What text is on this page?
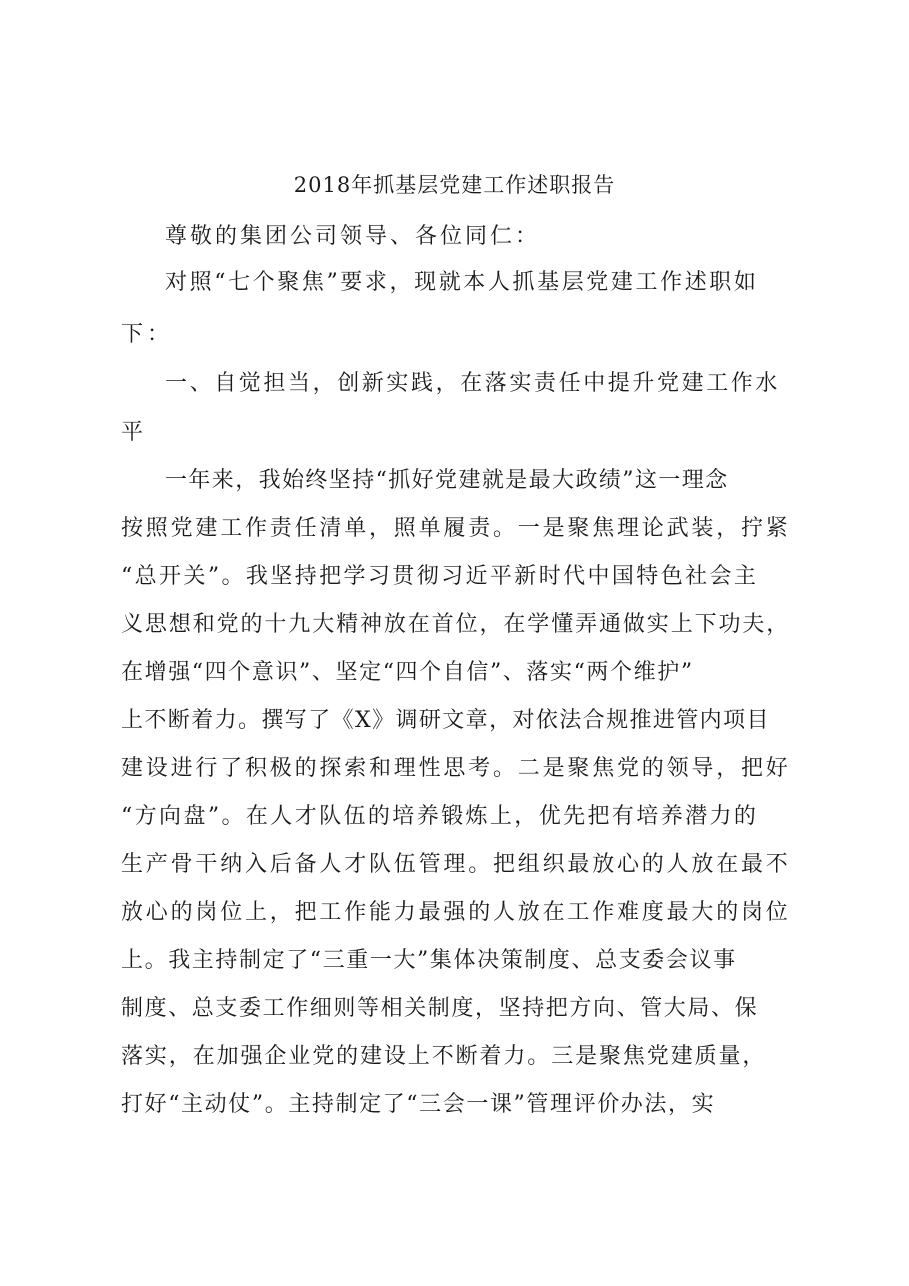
2018年抓基层党建工作述职报告
尊敬的集团公司领导、各位同仁：
对照“七个聚焦”要求，现就本人抓基层党建工作述职如
下：
一、自觉担当，创新实践，在落实责任中提升党建工作水
平
一年来，我始终坚持“抓好党建就是最大政绩”这一理念
按照党建工作责任清单，照单履责。一是聚焦理论武装，拧紧
“总开关”。我坚持把学习贯彻习近平新时代中国特色社会主
义思想和党的十九大精神放在首位，在学懂弄通做实上下功夫，
在增强“四个意识”、坚定“四个自信”、落实“两个维护”
上不断着力。撰写了《X》调研文章，对依法合规推进管内项目
建设进行了积极的探索和理性思考。二是聚焦党的领导，把好
“方向盘”。在人才队伍的培养锻炼上，优先把有培养潜力的
生产骨干纳入后备人才队伍管理。把组织最放心的人放在最不
放心的岗位上，把工作能力最强的人放在工作难度最大的岗位
上。我主持制定了“三重一大”集体决策制度、总支委会议事
制度、总支委工作细则等相关制度，坚持把方向、管大局、保
落实，在加强企业党的建设上不断着力。三是聚焦党建质量，
打好“主动仗”。主持制定了“三会一课”管理评价办法，实
